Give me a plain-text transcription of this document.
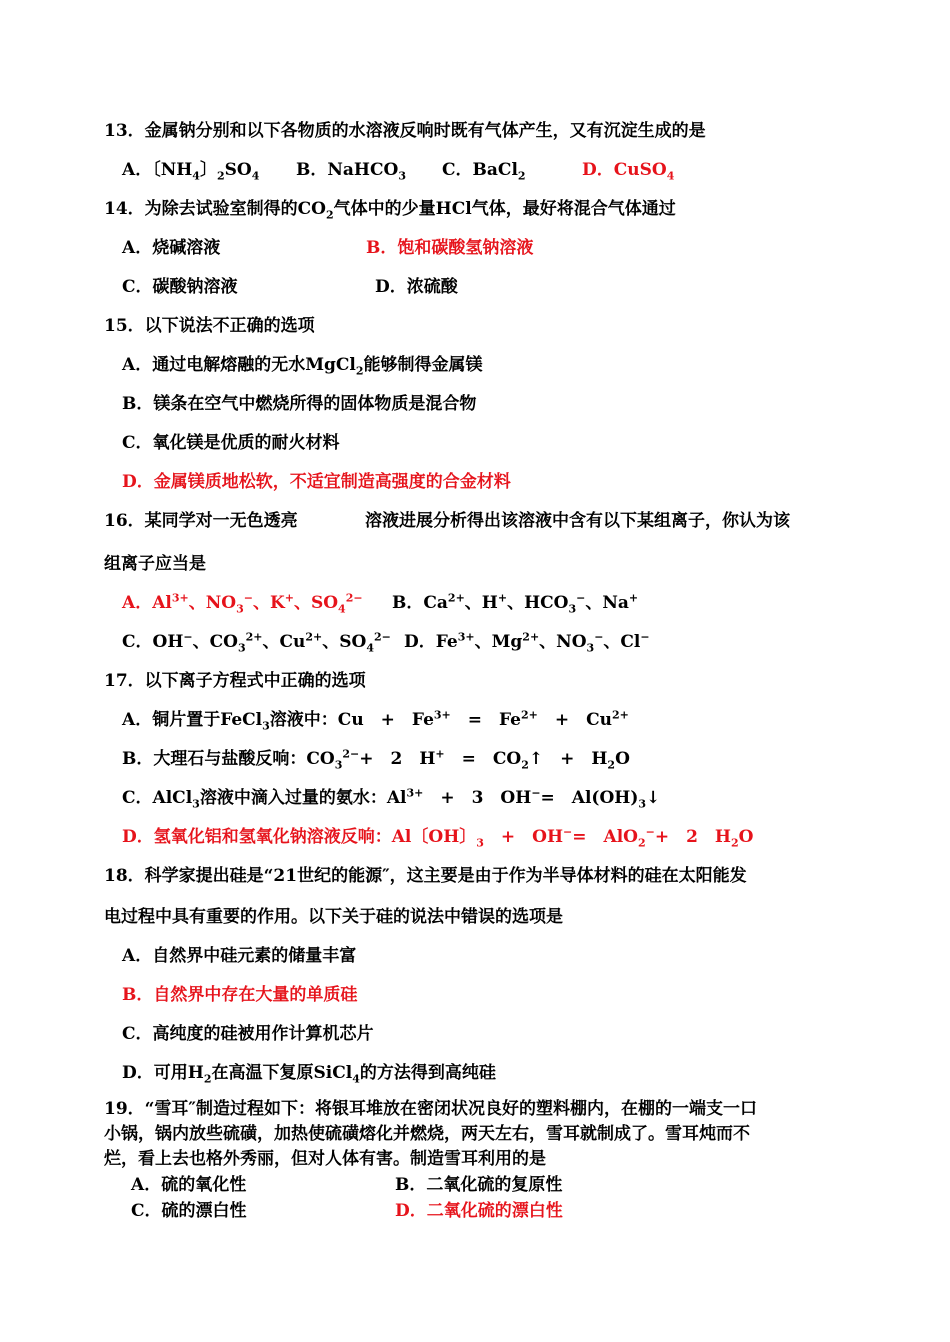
13．金属钠分别和以下各物质的水溶液反响时既有气体产生，又有沉淀生成的是
A．〔$NH_4$〕$_2SO_4$ B．NaHCO$_3$ C．BaCl$_2$	D．CuSO$_4$
14．为除去试验室制得的$CO_2$气体中的少量HCl气体，最好将混合气体通过
A．烧碱溶液	B．饱和碳酸氢钠溶液
C．碳酸钠溶液	D．浓硫酸
15．以下说法不正确的选项
A．通过电解熔融的无水MgCl$_2$能够制得金属镁
B．镁条在空气中燃烧所得的固体物质是混合物
C．氧化镁是优质的耐火材料
D．金属镁质地松软，不适宜制造高强度的合金材料
16．某同学对一无色透亮	溶液进展分析得出该溶液中含有以下某组离子，你认为该
组离子应当是
A．$Al^{3+}$、$NO_3^-$、K+、$SO_4^{2-}$ B．$Ca^{2+}$、H+、$HCO_3^-$、Na+
C．OH−、$CO_3^{2+}$、$Cu^{2+}$、$SO_4^{2-}$ D．$Fe^{3+}$、$Mg^{2+}$、$NO_3^-$、Cl−
17．以下离子方程式中正确的选项
A．铜片置于FeCl$_3$溶液中：Cu　+　$Fe^{3+}$　=　$Fe^{2+}$　+　$Cu^{2+}$
B．大理石与盐酸反响：$CO_3^{2-}+$　2　H+　=　$CO_2↑$　+　$H_2O$
C．AlCl$_3$溶液中滴入过量的氨水：$Al^{3+}$　+　3　OH−=　$Al(OH)_3↓$
D．氢氧化铝和氢氧化钠溶液反响：Al〔OH〕$_3$　+　OH−=　AlO$_2$−+　2　$H_2O$
18．科学家提出硅是“21世纪的能源″，这主要是由于作为半导体材料的硅在太阳能发
电过程中具有重要的作用。以下关于硅的说法中错误的选项是
A．自然界中硅元素的储量丰富
B．自然界中存在大量的单质硅
C．高纯度的硅被用作计算机芯片
D．可用$H_2$在高温下复原SiCl$_4$的方法得到高纯硅
19．“雪耳″制造过程如下：将银耳堆放在密闭状况良好的塑料棚内，在棚的一端支一口
小锅，锅内放些硫磺，加热使硫磺熔化并燃烧，两天左右，雪耳就制成了。雪耳炖而不
烂，看上去也格外秀丽，但对人体有害。制造雪耳利用的是
A．硫的氧化性	B．二氧化硫的复原性
C．硫的漂白性	D．二氧化硫的漂白性
